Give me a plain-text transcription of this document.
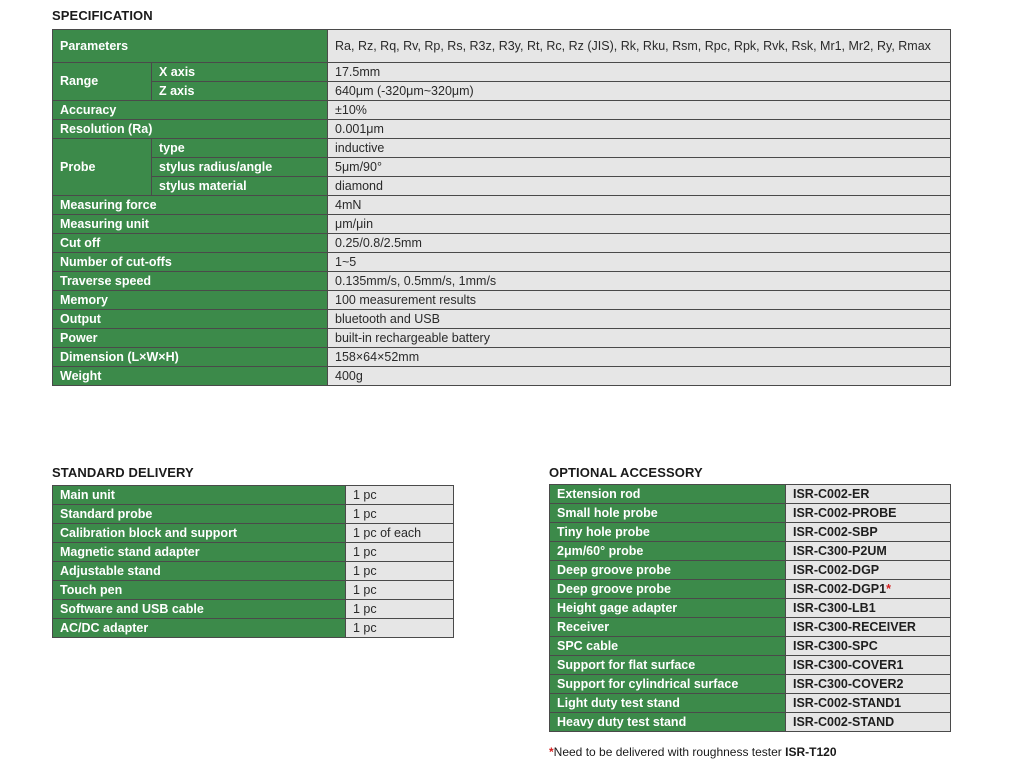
SPECIFICATION
Parameters		Ra, Rz, Rq, Rv, Rp, Rs, R3z, R3y, Rt, Rc, Rz (JIS), Rk, Rku, Rsm, Rpc, Rpk, Rvk, Rsk, Mr1, Mr2, Ry, Rmax
Range	X axis	17.5mm
	Z axis	640μm (-320μm~320μm)
Accuracy		±10%
Resolution (Ra)		0.001μm
Probe	type	inductive
	stylus radius/angle	5μm/90°
	stylus material	diamond
Measuring force		4mN
Measuring unit		μm/μin
Cut off		0.25/0.8/2.5mm
Number of cut-offs		1~5
Traverse speed		0.135mm/s, 0.5mm/s, 1mm/s
Memory		100 measurement results
Output		bluetooth and USB
Power		built-in rechargeable battery
Dimension (L×W×H)		158×64×52mm
Weight		400g
STANDARD DELIVERY
Main unit	1 pc
Standard probe	1 pc
Calibration block and support	1 pc of each
Magnetic stand adapter	1 pc
Adjustable stand	1 pc
Touch pen	1 pc
Software and USB cable	1 pc
AC/DC adapter	1 pc
OPTIONAL ACCESSORY
Extension rod	ISR-C002-ER
Small hole probe	ISR-C002-PROBE
Tiny hole probe	ISR-C002-SBP
2μm/60° probe	ISR-C300-P2UM
Deep groove probe	ISR-C002-DGP
Deep groove probe	ISR-C002-DGP1*
Height gage adapter	ISR-C300-LB1
Receiver	ISR-C300-RECEIVER
SPC cable	ISR-C300-SPC
Support for flat surface	ISR-C300-COVER1
Support for cylindrical surface	ISR-C300-COVER2
Light duty test stand	ISR-C002-STAND1
Heavy duty test stand	ISR-C002-STAND
*Need to be delivered with roughness tester ISR-T120
